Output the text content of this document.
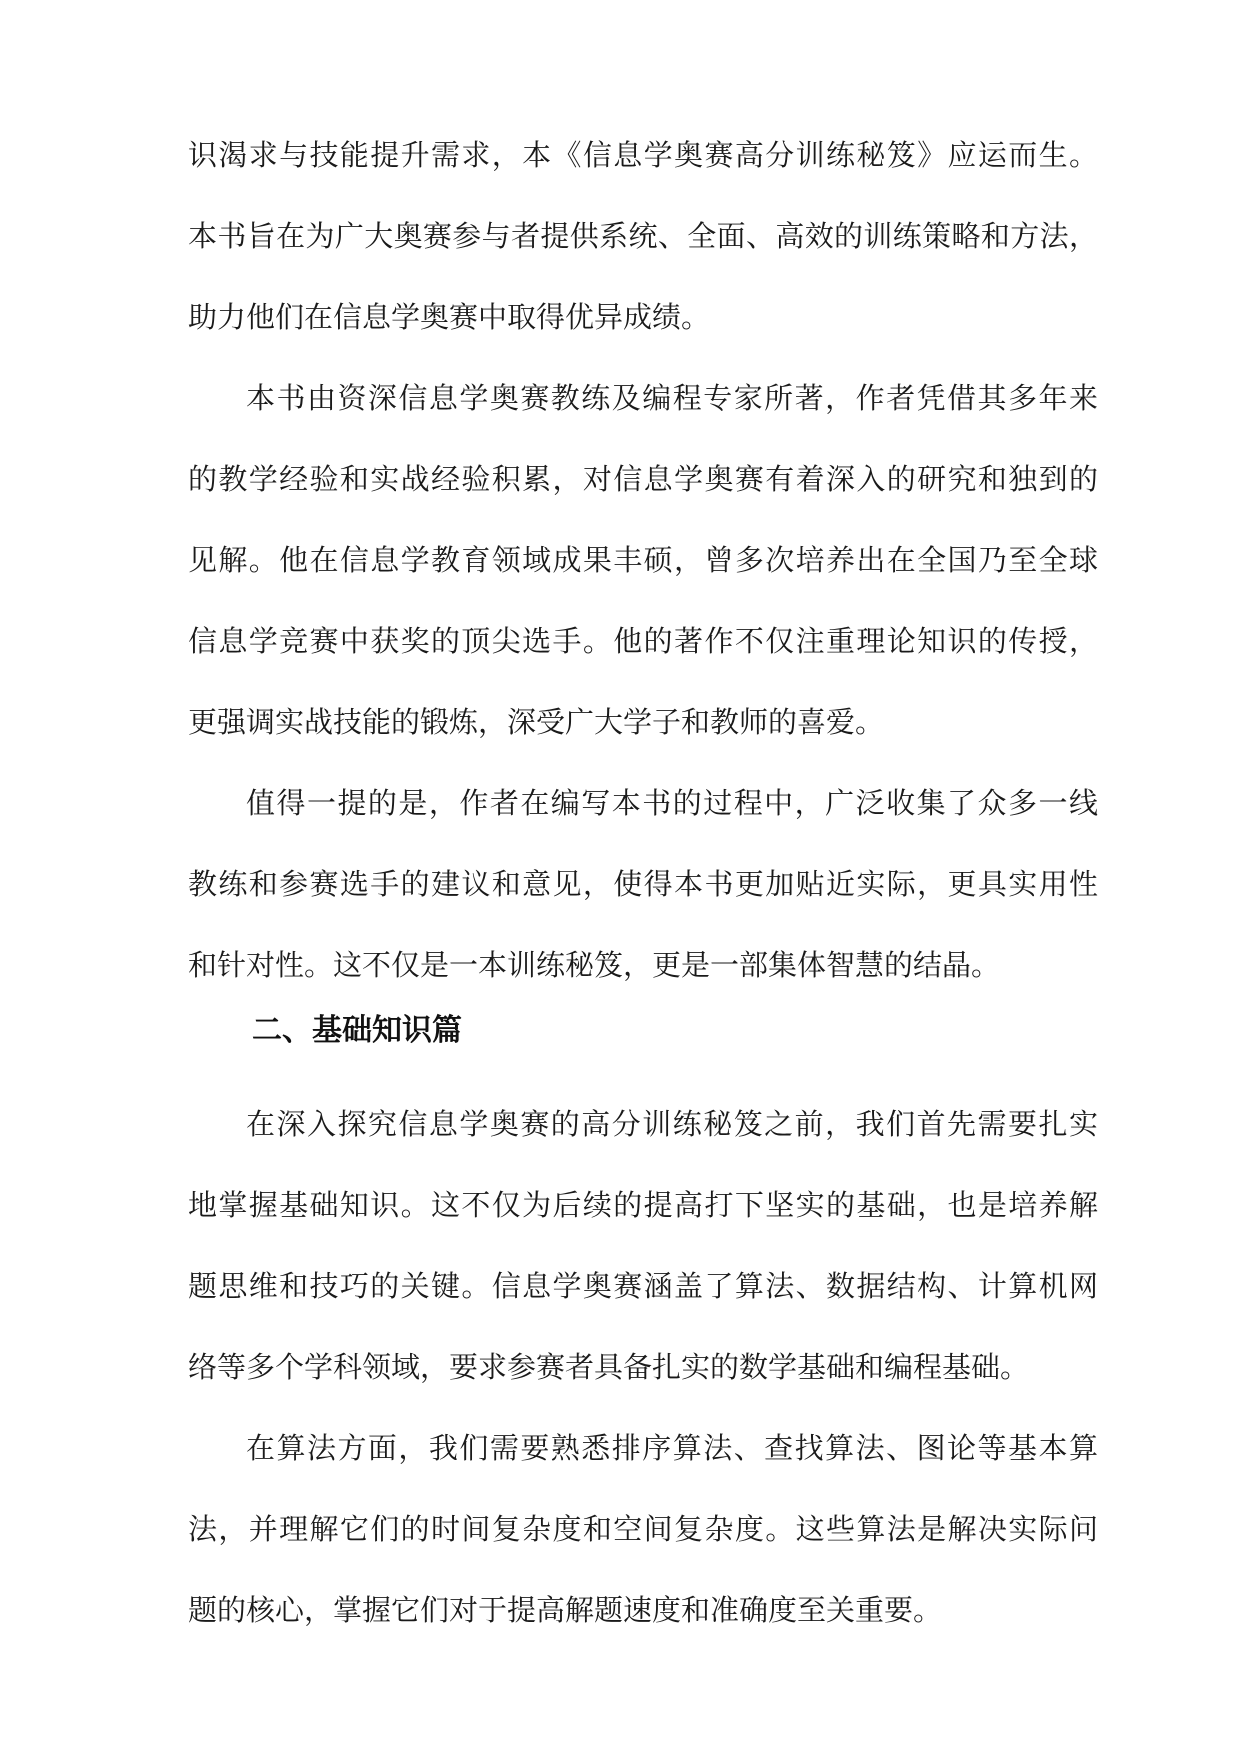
识渴求与技能提升需求，本《信息学奥赛高分训练秘笈》应运而生。

本书旨在为广大奥赛参与者提供系统、全面、高效的训练策略和方法，

助力他们在信息学奥赛中取得优异成绩。

本书由资深信息学奥赛教练及编程专家所著，作者凭借其多年来

的教学经验和实战经验积累，对信息学奥赛有着深入的研究和独到的

见解。他在信息学教育领域成果丰硕，曾多次培养出在全国乃至全球

信息学竞赛中获奖的顶尖选手。他的著作不仅注重理论知识的传授，

更强调实战技能的锻炼，深受广大学子和教师的喜爱。

值得一提的是，作者在编写本书的过程中，广泛收集了众多一线

教练和参赛选手的建议和意见，使得本书更加贴近实际，更具实用性

和针对性。这不仅是一本训练秘笈，更是一部集体智慧的结晶。

二、基础知识篇

在深入探究信息学奥赛的高分训练秘笈之前，我们首先需要扎实

地掌握基础知识。这不仅为后续的提高打下坚实的基础，也是培养解

题思维和技巧的关键。信息学奥赛涵盖了算法、数据结构、计算机网

络等多个学科领域，要求参赛者具备扎实的数学基础和编程基础。

在算法方面，我们需要熟悉排序算法、查找算法、图论等基本算

法，并理解它们的时间复杂度和空间复杂度。这些算法是解决实际问

题的核心，掌握它们对于提高解题速度和准确度至关重要。
